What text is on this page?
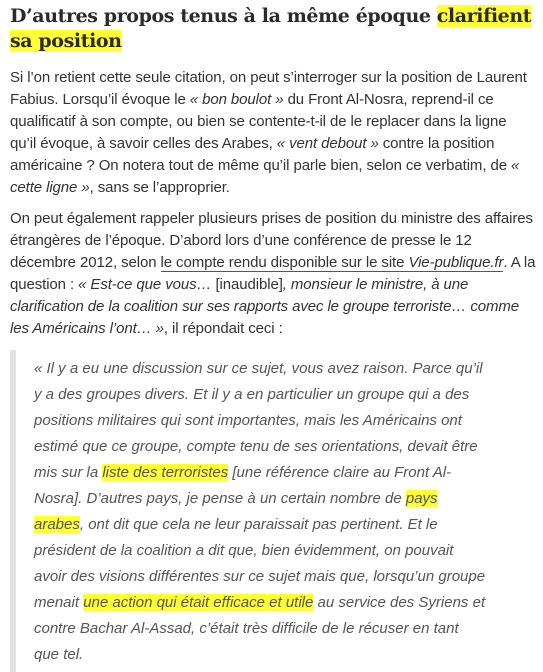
D’autres propos tenus à la même époque clarifient sa position

Si l’on retient cette seule citation, on peut s’interroger sur la position de Laurent Fabius. Lorsqu’il évoque le « bon boulot » du Front Al-Nosra, reprend-il ce qualificatif à son compte, ou bien se contente-t-il de le replacer dans la ligne qu’il évoque, à savoir celles des Arabes, « vent debout » contre la position américaine ? On notera tout de même qu’il parle bien, selon ce verbatim, de « cette ligne », sans se l’approprier.

On peut également rappeler plusieurs prises de position du ministre des affaires étrangères de l’époque. D’abord lors d’une conférence de presse le 12 décembre 2012, selon le compte rendu disponible sur le site Vie-publique.fr. A la question : « Est-ce que vous… [inaudible], monsieur le ministre, à une clarification de la coalition sur ses rapports avec le groupe terroriste… comme les Américains l’ont… », il répondait ceci :

« Il y a eu une discussion sur ce sujet, vous avez raison. Parce qu’il y a des groupes divers. Et il y a en particulier un groupe qui a des positions militaires qui sont importantes, mais les Américains ont estimé que ce groupe, compte tenu de ses orientations, devait être mis sur la liste des terroristes [une référence claire au Front Al-Nosra]. D’autres pays, je pense à un certain nombre de pays arabes, ont dit que cela ne leur paraissait pas pertinent. Et le président de la coalition a dit que, bien évidemment, on pouvait avoir des visions différentes sur ce sujet mais que, lorsqu’un groupe menait une action qui était efficace et utile au service des Syriens et contre Bachar Al-Assad, c’était très difficile de le récuser en tant que tel.
